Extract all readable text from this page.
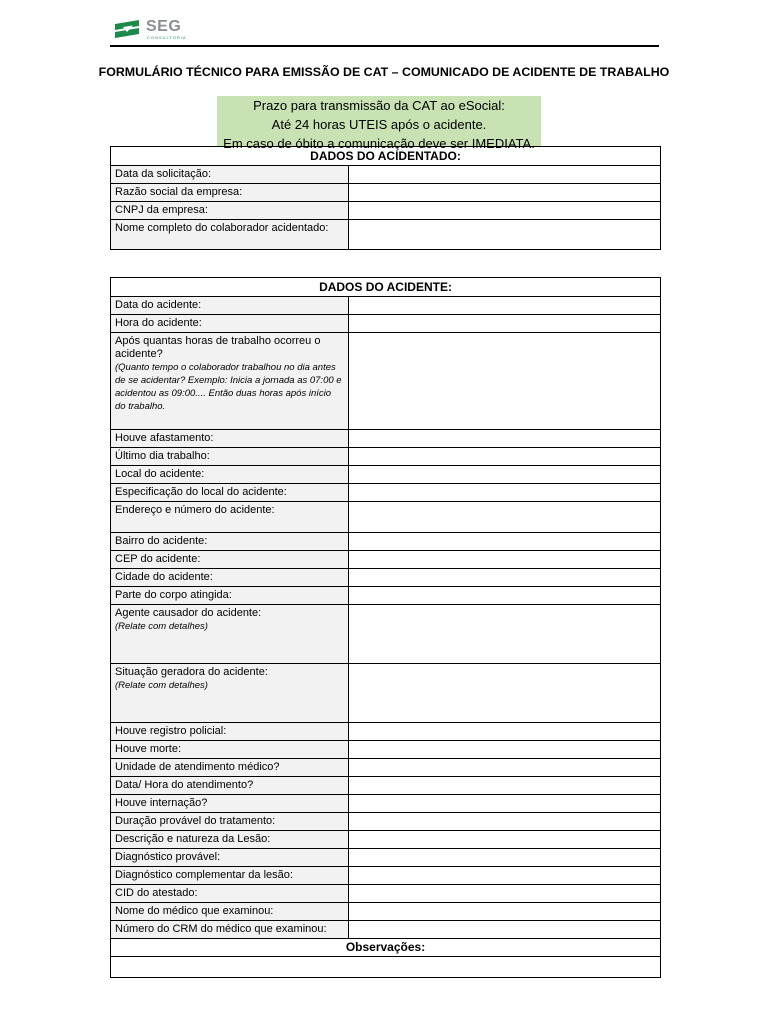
SEG
CONSULTORIA
FORMULÁRIO TÉCNICO PARA EMISSÃO DE CAT – COMUNICADO DE ACIDENTE DE TRABALHO
Prazo para transmissão da CAT ao eSocial:
Até 24 horas UTEIS após o acidente.
Em caso de óbito a comunicação deve ser IMEDIATA.
DADOS DO ACIDENTADO:	

Data da solicitação:	

Razão social da empresa:	

CNPJ da empresa:	

Nome completo do colaborador acidentado:	

DADOS DO ACIDENTE:	

Data do acidente:	

Hora do acidente:	

Após quantas horas de trabalho ocorreu o acidente?
(Quanto tempo o colaborador trabalhou no dia antes de se acidentar? Exemplo: Inicia a jornada as 07:00 e acidentou as 09:00.... Então duas horas após início do trabalho.	

Houve afastamento:	

Último dia trabalho:	

Local do acidente:	

Especificação do local do acidente:	

Endereço e número do acidente:	

Bairro do acidente:	

CEP do acidente:	

Cidade do acidente:	

Parte do corpo atingida:	

Agente causador do acidente:
(Relate com detalhes)	

Situação geradora do acidente:
(Relate com detalhes)	

Houve registro policial:	

Houve morte:	

Unidade de atendimento médico?	

Data/ Hora do atendimento?	

Houve internação?	

Duração provável do tratamento:	

Descrição e natureza da Lesão:	

Diagnóstico provável:	

Diagnóstico complementar da lesão:	

CID do atestado:	

Nome do médico que examinou:	

Número do CRM do médico que examinou:	

Observações:	
